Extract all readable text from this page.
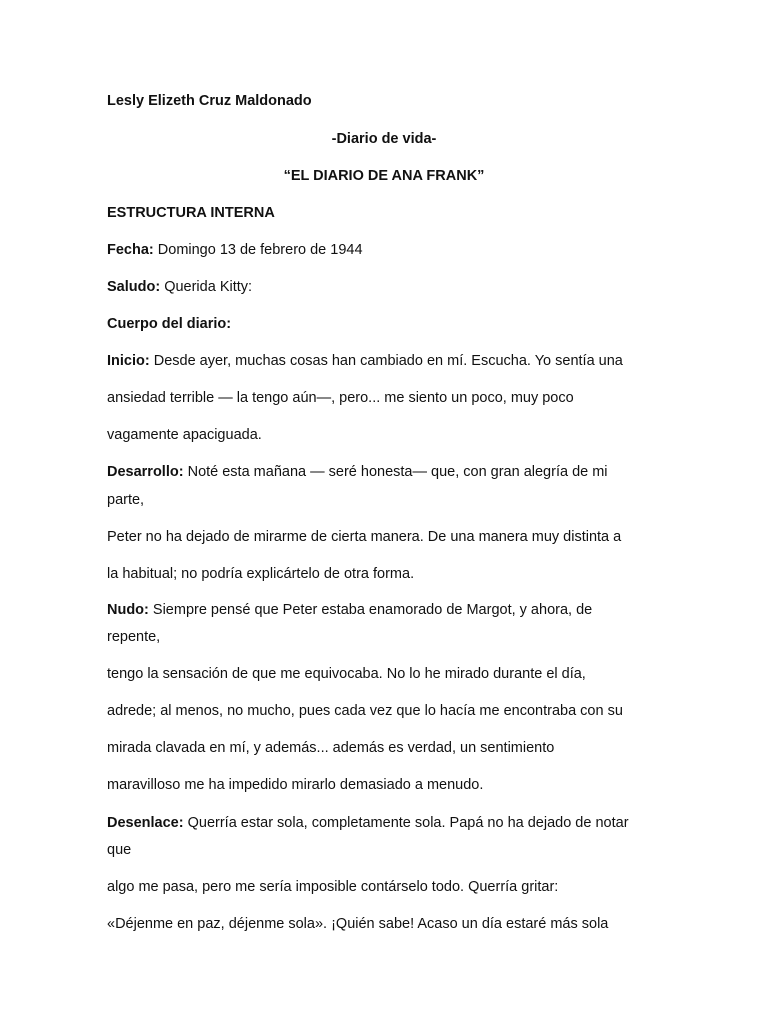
Lesly Elizeth Cruz Maldonado
-Diario de vida-
“EL DIARIO DE ANA FRANK”
ESTRUCTURA INTERNA
Fecha: Domingo 13 de febrero de 1944
Saludo: Querida Kitty:
Cuerpo del diario:
Inicio: Desde ayer, muchas cosas han cambiado en mí. Escucha. Yo sentía una
ansiedad terrible — la tengo aún—, pero... me siento un poco, muy poco
vagamente apaciguada.
Desarrollo: Noté esta mañana — seré honesta— que, con gran alegría de mi
parte,
Peter no ha dejado de mirarme de cierta manera. De una manera muy distinta a
la habitual; no podría explicártelo de otra forma.
Nudo: Siempre pensé que Peter estaba enamorado de Margot, y ahora, de
repente,
tengo la sensación de que me equivocaba. No lo he mirado durante el día,
adrede; al menos, no mucho, pues cada vez que lo hacía me encontraba con su
mirada clavada en mí, y además... además es verdad, un sentimiento
maravilloso me ha impedido mirarlo demasiado a menudo.
Desenlace: Querría estar sola, completamente sola. Papá no ha dejado de notar
que
algo me pasa, pero me sería imposible contárselo todo. Querría gritar:
«Déjenme en paz, déjenme sola». ¡Quién sabe! Acaso un día estaré más sola
